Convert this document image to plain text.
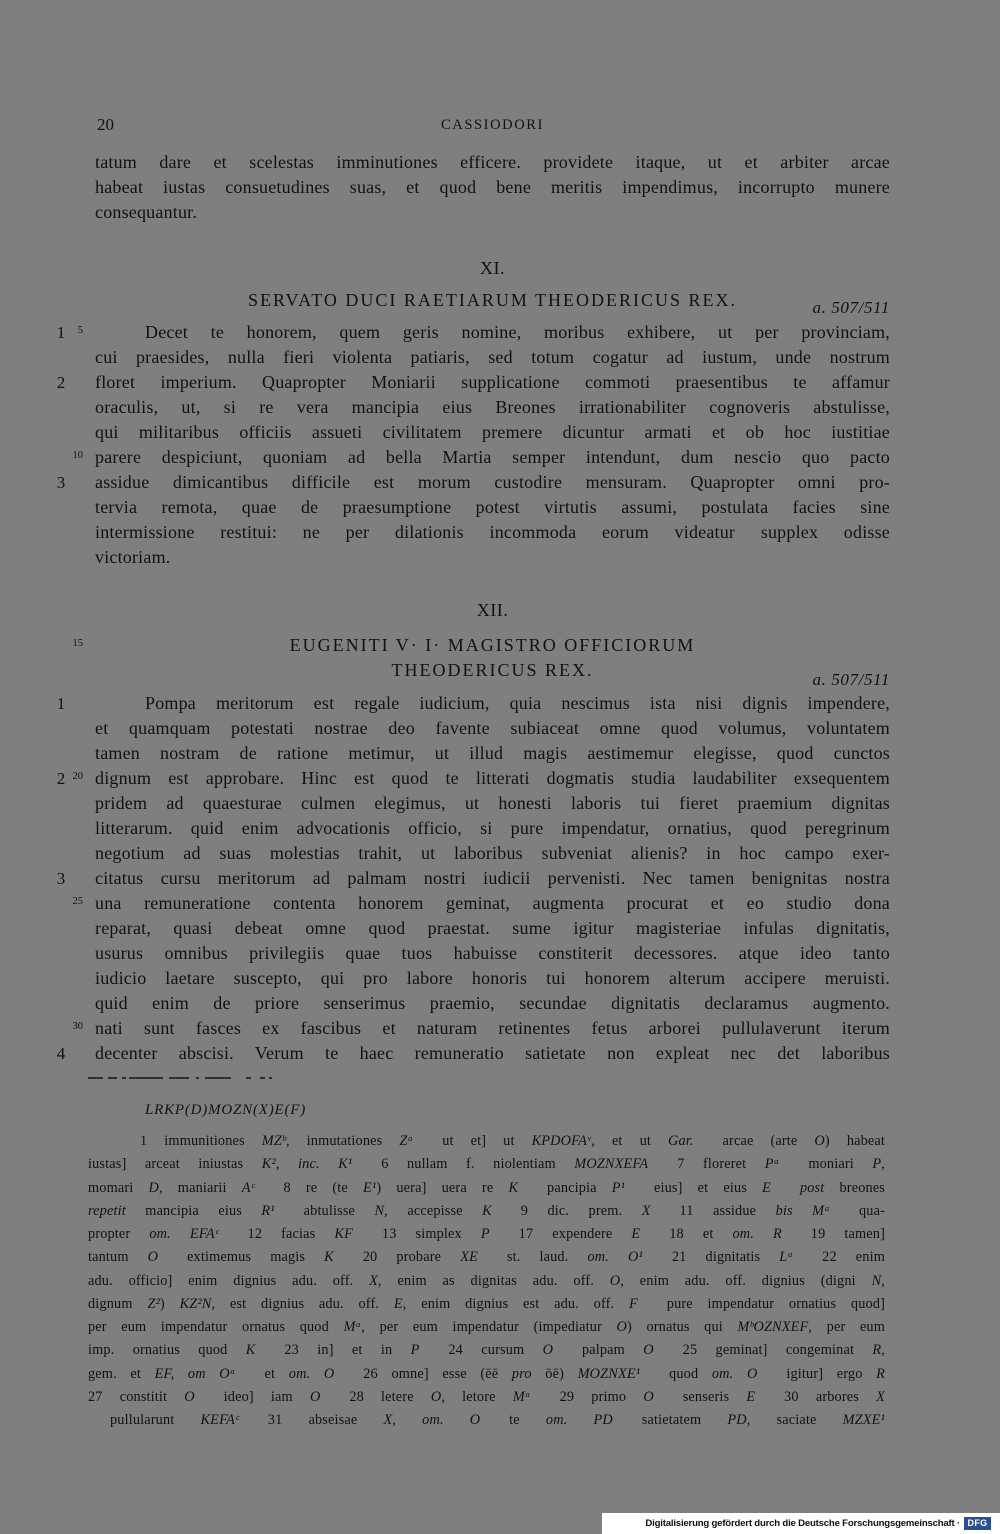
20	CASSIODORI
tatum dare et scelestas imminutiones efficere. providete itaque, ut et arbiter arcae
habeat iustas consuetudines suas, et quod bene meritis impendimus, incorrupto munere
consequantur.
XI.
SERVATO DUCI RAETIARUM THEODERICUS REX.	a. 507/511
1	5	Decet te honorem, quem geris nomine, moribus exhibere, ut per provinciam,
cui praesides, nulla fieri violenta patiaris, sed totum cogatur ad iustum, unde nostrum
2 floret imperium. Quapropter Moniarii supplicatione commoti praesentibus te affamur
oraculis, ut, si re vera mancipia eius Breones irrationabiliter cognoveris abstulisse,
qui militaribus officiis assueti civilitatem premere dicuntur armati et ob hoc iustitiae
10 parere despiciunt, quoniam ad bella Martia semper intendunt, dum nescio quo pacto
3 assidue dimicantibus difficile est morum custodire mensuram. Quapropter omni pro-
tervia remota, quae de praesumptione potest virtutis assumi, postulata facies sine
intermissione restitui: ne per dilationis incommoda eorum videatur supplex odisse
victoriam.
XII.
15	EUGENITI V· I· MAGISTRO OFFICIORUM
THEODERICUS REX.	a. 507/511
1	Pompa meritorum est regale iudicium, quia nescimus ista nisi dignis impendere,
et quamquam potestati nostrae deo favente subiaceat omne quod volumus, voluntatem
tamen nostram de ratione metimur, ut illud magis aestimemur elegisse, quod cunctos
2 20 dignum est approbare. Hinc est quod te litterati dogmatis studia laudabiliter exsequentem
pridem ad quaesturae culmen elegimus, ut honesti laboris tui fieret praemium dignitas
litterarum. quid enim advocationis officio, si pure impendatur, ornatius, quod peregrinum
negotium ad suas molestias trahit, ut laboribus subveniat alienis? in hoc campo exer-
3 citatus cursu meritorum ad palmam nostri iudicii pervenisti. Nec tamen benignitas nostra
25 una remuneratione contenta honorem geminat, augmenta procurat et eo studio dona
reparat, quasi debeat omne quod praestat. sume igitur magisteriae infulas dignitatis,
usurus omnibus privilegiis quae tuos habuisse constiterit decessores. atque ideo tanto
iudicio laetare suscepto, qui pro labore honoris tui honorem alterum accipere meruisti.
quid enim de priore senserimus praemio, secundae dignitatis declaramus augmento.
30 nati sunt fasces ex fascibus et naturam retinentes fetus arborei pullulaverunt iterum
4 decenter abscisi. Verum te haec remuneratio satietate non expleat nec det laboribus
LRKP(D)MOZN(X)E(F)
1 immunitiones MZᵇ, inmutationes Zᵃ  ut et] ut KPDOFAᵛ, et ut Gar.  arcae (arte O) habeat
iustas] arceat iniustas K², inc. K¹  6 nullam f. niolentiam MOZNXEFA  7 floreret Pᵃ  moniari P,
momari D, maniarii Aᶜ  8 re (te E¹) uera] uera re K  pancipia P¹  eius] et eius E   post breones
repetit mancipia eius R¹  abtulisse N, accepisse K  9 dic. prem. X  11 assidue bis Mᵃ  qua-
propter om. EFAᶜ  12 facias KF  13 simplex P  17 expendere E  18 et om. R  19 tamen]
tantum O  extimemus magis K  20 probare XE  st. laud. om. O¹  21 dignitatis Lᵃ  22 enim
adu. officio] enim dignius adu. off. X, enim as dignitas adu. off. O, enim adu. off. dignius (digni N,
dignum Z²) KZ²N, est dignius adu. off. E, enim dignius est adu. off. F  pure impendatur ornatius quod]
per eum impendatur ornatus quod Mᵃ, per eum impendatur (impediatur O) ornatus qui MᵇOZNXEF, per eum
imp. ornatius quod K  23 in] et in P  24 cursum O  palpam O  25 geminat] congeminat R,
gem. et EF, om Oᵃ  et om. O  26 omne] esse (ēē pro ōē) MOZNXE¹  quod om. O  igitur] ergo R
27 constitit O  ideo] iam O  28 letere O, letore Mᵃ  29 primo O  senseris E  30 arbores X
pullularunt KEFAᶜ  31 abseisae X, om. O  te om. PD  satietatem PD, saciate MZXE¹
Digitalisierung gefördert durch die Deutsche Forschungsgemeinschaft · DFG
